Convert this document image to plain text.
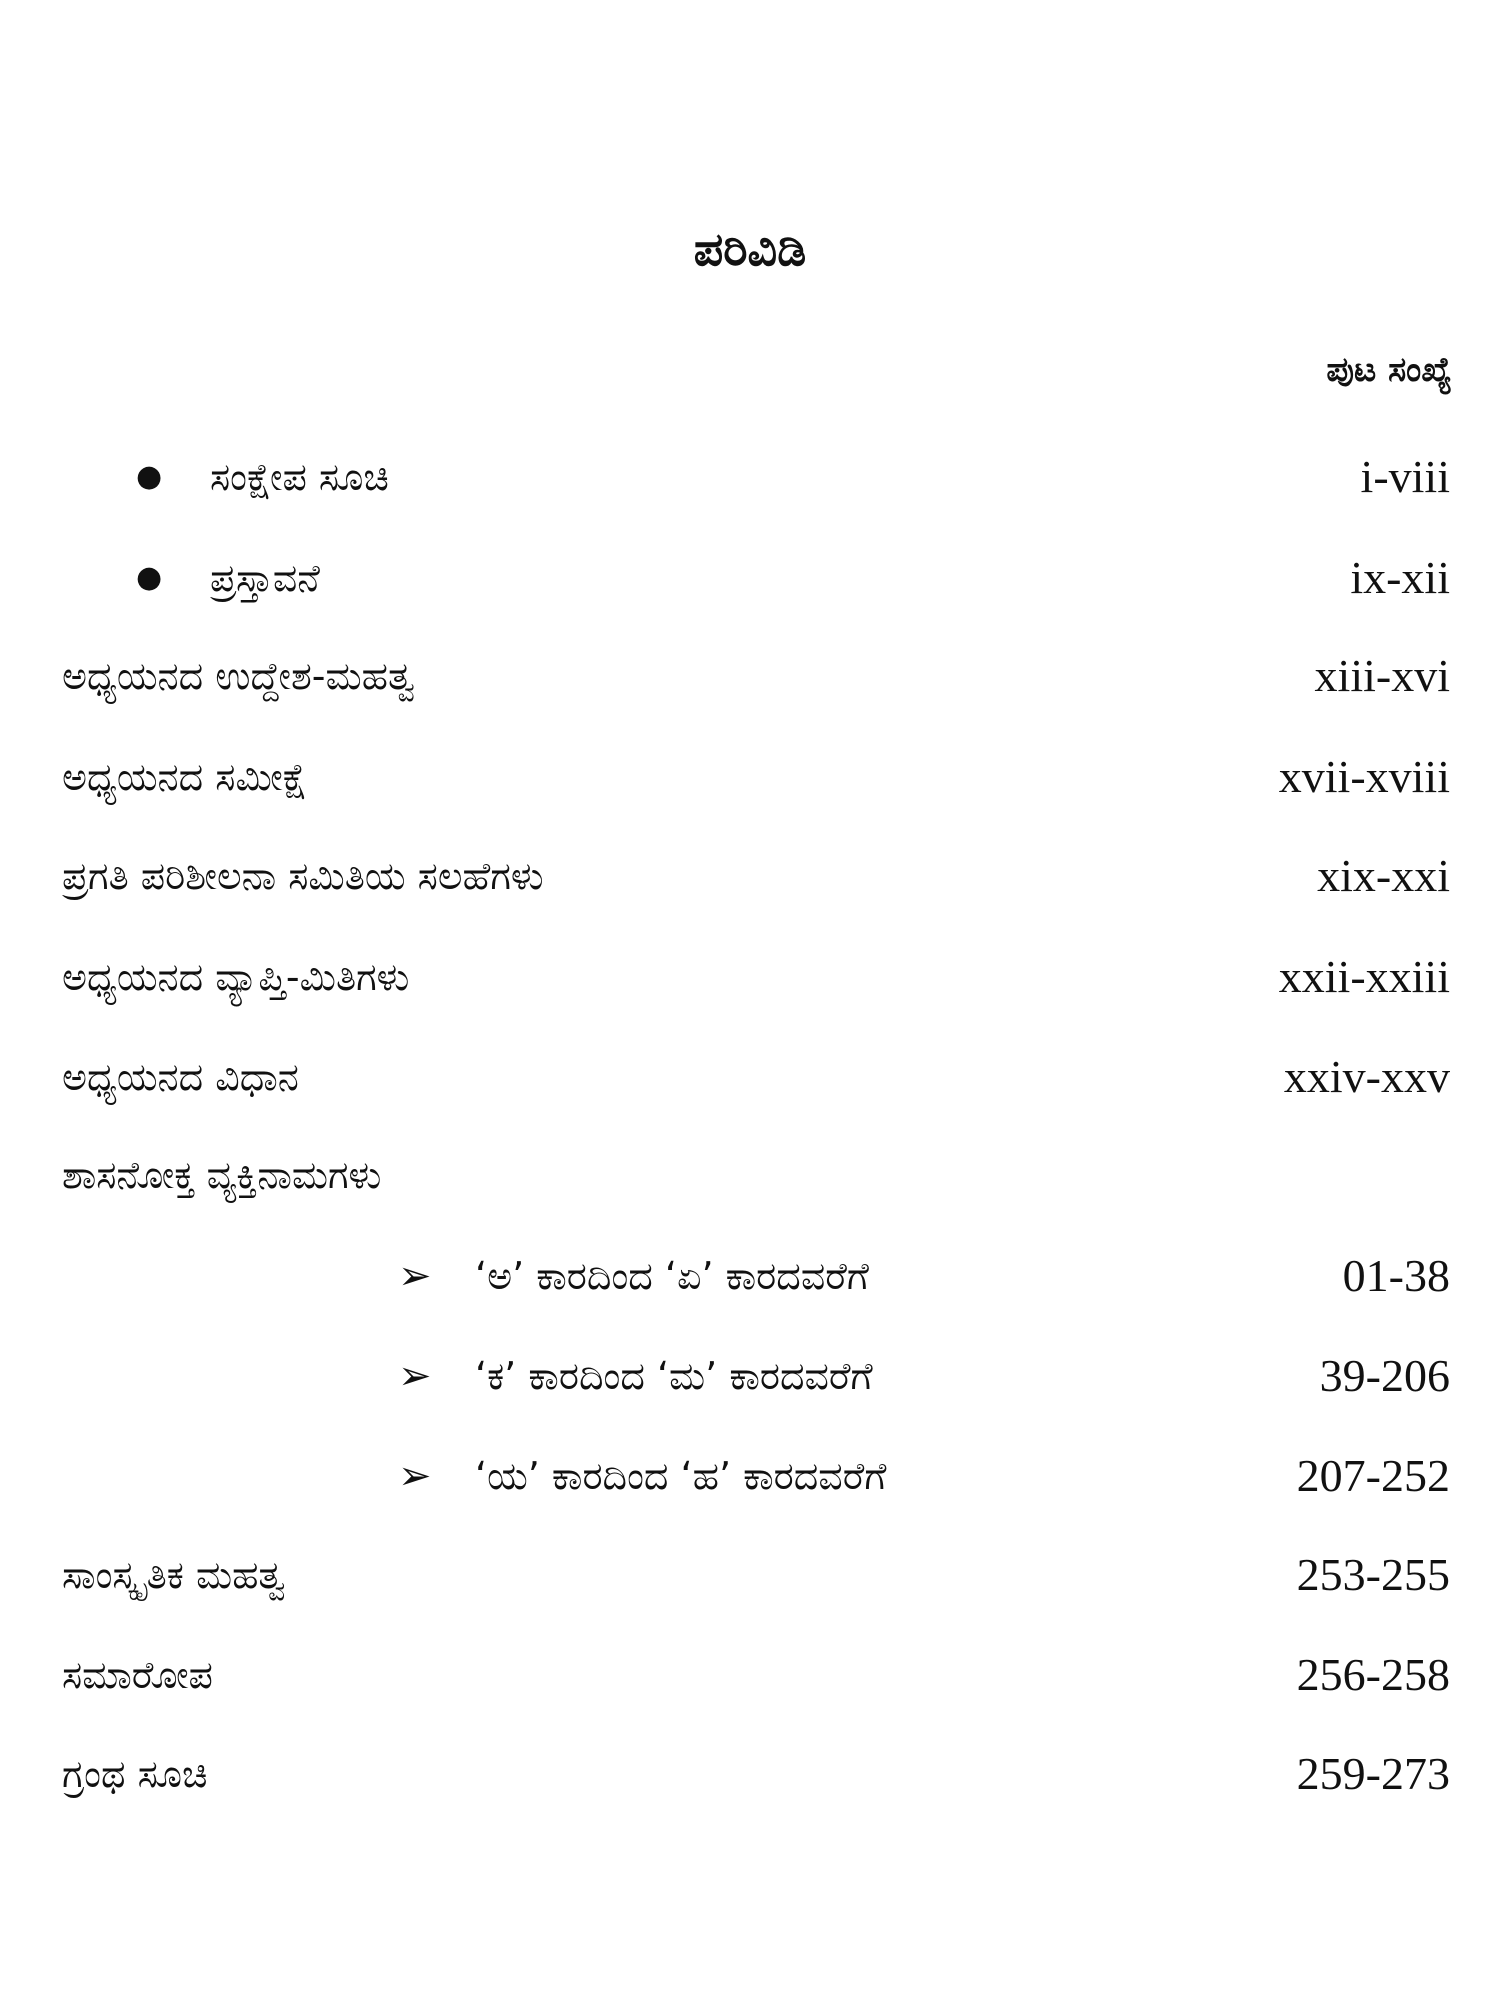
ಪರಿವಿಡಿ
ಪುಟ ಸಂಖ್ಯೆ
● ಸಂಕ್ಷೇಪ ಸೂಚಿ	i-viii
● ಪ್ರಸ್ತಾವನೆ	ix-xii
ಅಧ್ಯಯನದ ಉದ್ದೇಶ-ಮಹತ್ವ	xiii-xvi
ಅಧ್ಯಯನದ ಸಮೀಕ್ಷೆ	xvii-xviii
ಪ್ರಗತಿ ಪರಿಶೀಲನಾ ಸಮಿತಿಯ ಸಲಹೆಗಳು	xix-xxi
ಅಧ್ಯಯನದ ವ್ಯಾಪ್ತಿ-ಮಿತಿಗಳು	xxii-xxiii
ಅಧ್ಯಯನದ ವಿಧಾನ	xxiv-xxv
ಶಾಸನೋಕ್ತ ವ್ಯಕ್ತಿನಾಮಗಳು
➢ ‘ಅ’ ಕಾರದಿಂದ ‘ಏ’ ಕಾರದವರೆಗೆ	01-38
➢ ‘ಕ’ ಕಾರದಿಂದ ‘ಮ’ ಕಾರದವರೆಗೆ	39-206
➢ ‘ಯ’ ಕಾರದಿಂದ ‘ಹ’ ಕಾರದವರೆಗೆ	207-252
ಸಾಂಸ್ಕೃತಿಕ ಮಹತ್ವ	253-255
ಸಮಾರೋಪ	256-258
ಗ್ರಂಥ ಸೂಚಿ	259-273
